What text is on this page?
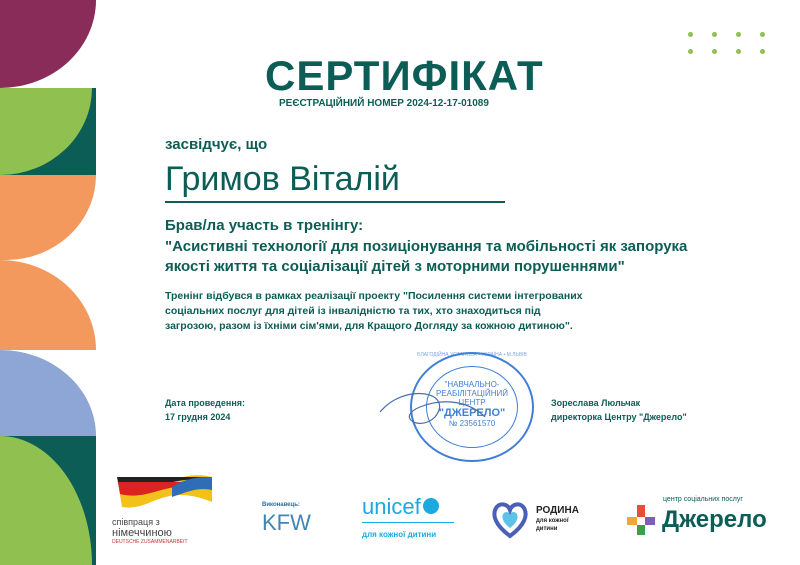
СЕРТИФІКАТ
РЕЄСТРАЦІЙНИЙ НОМЕР 2024-12-17-01089
засвідчує, що
Гримов Віталій
Брав/ла участь в тренінгу:
"Асистивні технології для позиціонування та мобільності як запорука
якості життя та соціалізації дітей з моторними порушеннями"
Тренінг відбувся в рамках реалізації проекту "Посилення системи інтегрованих
соціальних послуг для дітей із інвалідністю та тих, хто знаходиться під
загрозою, разом із їхніми сім'ями, для Кращого Догляду за кожною дитиною".
Дата проведення:
17 грудня 2024
"НАВЧАЛЬНО-
РЕАБІЛІТАЦІЙНИЙ
ЦЕНТР
"ДЖЕРЕЛО"
№ 23561570
БЛАГОДІЙНА УСТАНОВА • УКРАЇНА • М.ЛЬВІВ
Зореслава Люльчак
директорка Центру "Джерело"
співпраця з
німеччиною
DEUTSCHE ZUSAMMENARBEIT
Виконавець:
KFW
unicef
для кожної дитини
РОДИНА
для кожної
дитини
центр соціальних послуг
Джерело
